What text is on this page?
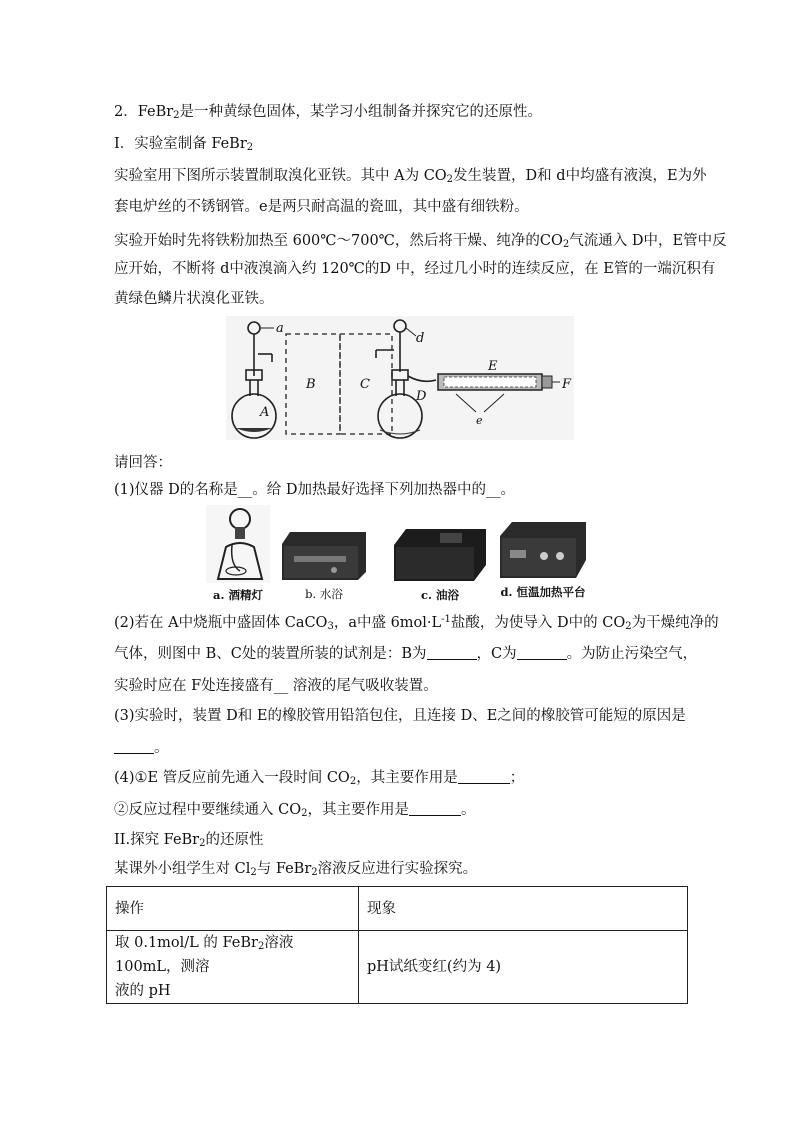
2．FeBr$_2$是一种黄绿色固体，某学习小组制备并探究它的还原性。
I．实验室制备 FeBr$_2$
实验室用下图所示装置制取溴化亚铁。其中 A为 $CO_2$发生装置，D和 d中均盛有液溴，E为外
套电炉丝的不锈钢管。e是两只耐高温的瓷皿，其中盛有细铁粉。
实验开始时先将铁粉加热至 600℃～700℃，然后将干燥、纯净的$CO_2$气流通入 D中，E管中反
应开始，不断将 d中液溴滴入约 120℃的D 中，经过几小时的连续反应，在 E管的一端沉积有
黄绿色鳞片状溴化亚铁。
a
B	C
d
D
A
E
F
e
请回答：
(1)仪器 D的名称是__。给 D加热最好选择下列加热器中的__。
a. 酒精灯	b. 水浴	c. 油浴	d. 恒温加热平台
(2)若在 A中烧瓶中盛固体 CaCO$_3$，a中盛 $6mol\cdot L^{-1}$盐酸，为使导入 D中的 $CO_2$为干燥纯净的
气体，则图中 B、C处的装置所装的试剂是：B为	，C为	。为防止污染空气，
实验时应在 F处连接盛有__ 溶液的尾气吸收装置。
(3)实验时，装置 D和 E的橡胶管用铅箔包住，且连接 D、E之间的橡胶管可能短的原因是
。
(4)①E 管反应前先通入一段时间 $CO_2$，其主要作用是	；
②反应过程中要继续通入 $CO_2$，其主要作用是	。
II.探究 FeBr$_2$的还原性
某课外小组学生对 $Cl_2$与 FeBr$_2$溶液反应进行实验探究。
操作	现象
取 0.1mol/L 的 FeBr$_2$溶液 100mL，测溶
液的 pH	pH试纸变红(约为 4)
